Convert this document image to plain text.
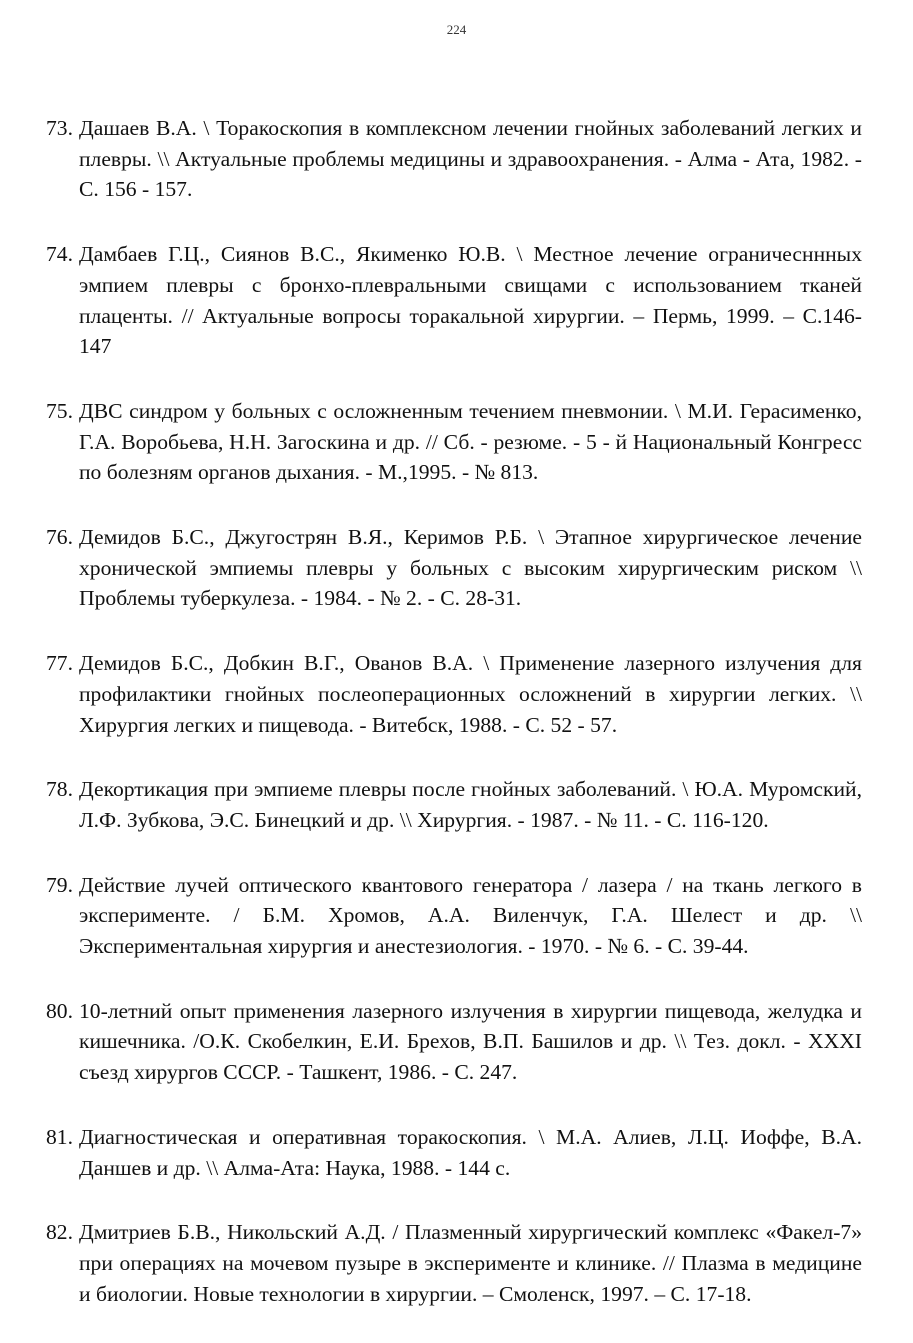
224
73. Дашаев В.А. \ Торакоскопия в комплексном лечении гнойных заболеваний легких и плевры. \\ Актуальные проблемы медицины и здравоохранения. - Алма - Ата, 1982. - С. 156 - 157.
74. Дамбаев Г.Ц., Сиянов В.С., Якименко Ю.В. \ Местное лечение ограничесннных эмпием плевры с бронхо-плевральными свищами с использованием тканей плаценты. // Актуальные вопросы торакальной хирургии. – Пермь, 1999. – С.146-147
75. ДВС синдром у больных с осложненным течением пневмонии. \ М.И. Герасименко, Г.А. Воробьева, Н.Н. Загоскина и др. // Сб. - резюме. - 5 - й Национальный Конгресс по болезням органов дыхания. - М.,1995. - № 813.
76. Демидов Б.С., Джугострян В.Я., Керимов Р.Б. \ Этапное хирургическое лечение хронической эмпиемы плевры у больных с высоким хирургическим риском \\ Проблемы туберкулеза. - 1984. - № 2. - С. 28-31.
77. Демидов Б.С., Добкин В.Г., Ованов В.А. \ Применение лазерного излучения для профилактики гнойных послеоперационных осложнений в хирургии легких. \\ Хирургия легких и пищевода. - Витебск, 1988. - С. 52 - 57.
78. Декортикация при эмпиеме плевры после гнойных заболеваний. \ Ю.А. Муромский, Л.Ф. Зубкова, Э.С. Бинецкий и др. \\ Хирургия. - 1987. - № 11. - С. 116-120.
79. Действие лучей оптического квантового генератора / лазера / на ткань легкого в эксперименте. / Б.М. Хромов, А.А. Виленчук, Г.А. Шелест и др. \\ Экспериментальная хирургия и анестезиология. - 1970. - № 6. - С. 39-44.
80. 10-летний опыт применения лазерного излучения в хирургии пищевода, желудка и кишечника. /О.К. Скобелкин, Е.И. Брехов, В.П. Башилов и др. \\ Тез. докл. - XXXI съезд хирургов СССР. - Ташкент, 1986. - С. 247.
81. Диагностическая и оперативная торакоскопия. \ М.А. Алиев, Л.Ц. Иоффе, В.А. Даншев и др. \\ Алма-Ата: Наука, 1988. - 144 с.
82. Дмитриев Б.В., Никольский А.Д. / Плазменный хирургический комплекс «Факел-7» при операциях на мочевом пузыре в эксперименте и клинике. // Плазма в медицине и биологии. Новые технологии в хирургии. – Смоленск, 1997. – С. 17-18.
